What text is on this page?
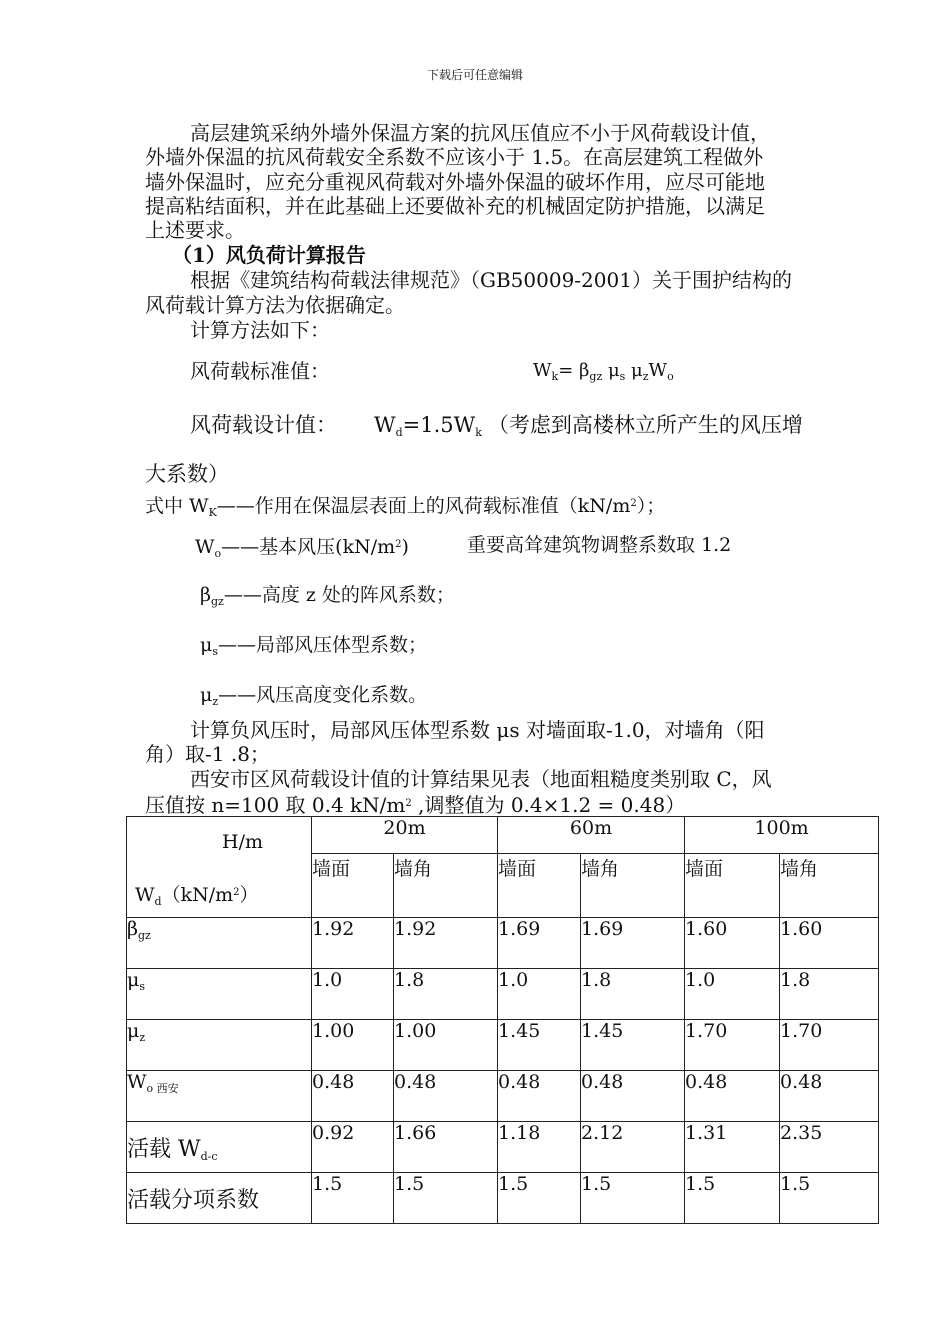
下载后可任意编辑
高层建筑采纳外墙外保温方案的抗风压值应不小于风荷载设计值，
外墙外保温的抗风荷载安全系数不应该小于 1.5。在高层建筑工程做外
墙外保温时，应充分重视风荷载对外墙外保温的破坏作用，应尽可能地
提高粘结面积，并在此基础上还要做补充的机械固定防护措施，以满足
上述要求。
（1）风负荷计算报告
根据《建筑结构荷载法律规范》（GB50009-2001）关于围护结构的
风荷载计算方法为依据确定。
计算方法如下：
风荷载标准值：	$W_k= \beta_{gz}$ $\mu_s$ $\mu_zW_o$
风荷载设计值： $W_d=1.5W_k$ （考虑到高楼林立所产生的风压增
大系数）
式中 $W_K——$作用在保温层表面上的风荷载标准值$(kN/m^2)$；
$W_o——$基本风压$(kN/m^2)$	重要高耸建筑物调整系数取 1.2
$\beta_{gz}——$高度 z 处的阵风系数；
$\mu_s——$局部风压体型系数；
$\mu_z——$风压高度变化系数。
计算负风压时，局部风压体型系数 μs 对墙面取-1.0，对墙角（阳
角）取-1 .8；
西安市区风荷载设计值的计算结果见表（地面粗糙度类别取 C，风
压值按 n=100 取 0.4 $kN/m^2$ ,调整值为 0.4×1.2 = 0.48）
H/m
$W_d(kN/m^2)$	20m		60m		100m	
	墙面	墙角	墙面	墙角	墙面	墙角
$\beta_{gz}$	1.92	1.92	1.69	1.69	1.60	1.60
$\mu_s$	1.0	1.8	1.0	1.8	1.0	1.8
$\mu_z$	1.00	1.00	1.45	1.45	1.70	1.70
$W_{o 西安}$	0.48	0.48	0.48	0.48	0.48	0.48
活载 $W_{d-c}$	0.92	1.66	1.18	2.12	1.31	2.35
活载分项系数	1.5	1.5	1.5	1.5	1.5	1.5
